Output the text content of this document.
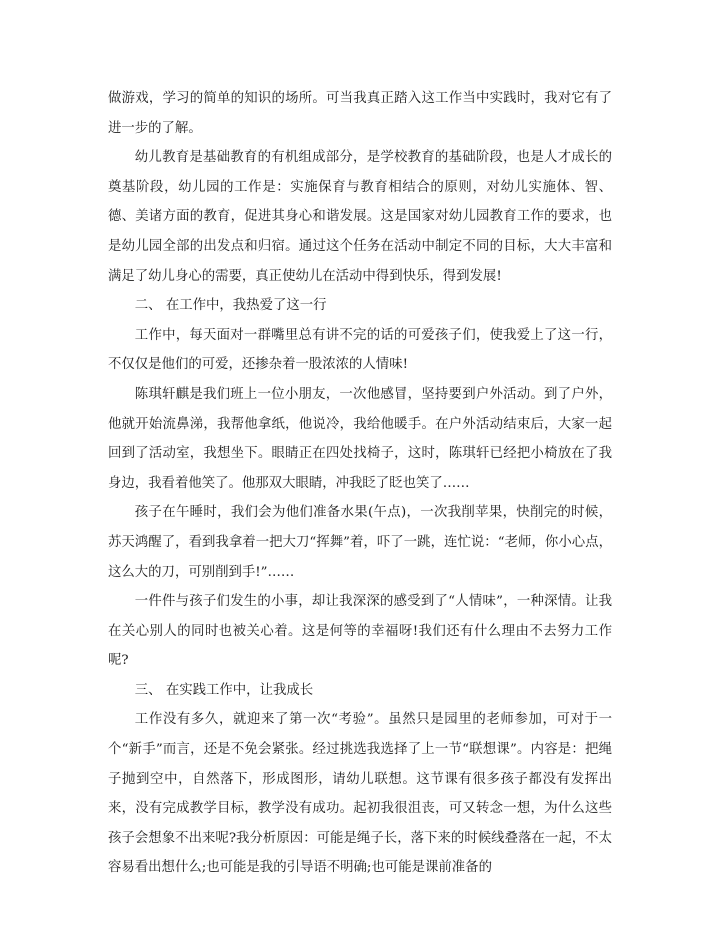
做游戏，学习的简单的知识的场所。可当我真正踏入这工作当中实践时，我对它有了进一步的了解。

幼儿教育是基础教育的有机组成部分，是学校教育的基础阶段，也是人才成长的奠基阶段，幼儿园的工作是：实施保育与教育相结合的原则，对幼儿实施体、智、德、美诸方面的教育，促进其身心和谐发展。这是国家对幼儿园教育工作的要求，也是幼儿园全部的出发点和归宿。通过这个任务在活动中制定不同的目标，大大丰富和满足了幼儿身心的需要，真正使幼儿在活动中得到快乐，得到发展!

二、 在工作中，我热爱了这一行

工作中，每天面对一群嘴里总有讲不完的话的可爱孩子们，使我爱上了这一行，不仅仅是他们的可爱，还掺杂着一股浓浓的人情味!

陈琪轩麒是我们班上一位小朋友，一次他感冒，坚持要到户外活动。到了户外，他就开始流鼻涕，我帮他拿纸，他说冷，我给他暖手。在户外活动结束后，大家一起回到了活动室，我想坐下。眼睛正在四处找椅子，这时，陈琪轩已经把小椅放在了我身边，我看着他笑了。他那双大眼睛，冲我眨了眨也笑了……

孩子在午睡时，我们会为他们准备水果(午点)，一次我削苹果，快削完的时候，苏天鸿醒了，看到我拿着一把大刀“挥舞”着，吓了一跳，连忙说：“老师，你小心点，这么大的刀，可别削到手!”……

一件件与孩子们发生的小事，却让我深深的感受到了“人情味”，一种深情。让我在关心别人的同时也被关心着。这是何等的幸福呀!我们还有什么理由不去努力工作呢?

三、 在实践工作中，让我成长

工作没有多久，就迎来了第一次“考验”。虽然只是园里的老师参加，可对于一个“新手”而言，还是不免会紧张。经过挑选我选择了上一节“联想课”。内容是：把绳子抛到空中，自然落下，形成图形，请幼儿联想。这节课有很多孩子都没有发挥出来，没有完成教学目标，教学没有成功。起初我很沮丧，可又转念一想，为什么这些孩子会想象不出来呢?我分析原因：可能是绳子长，落下来的时候线叠落在一起，不太容易看出想什么;也可能是我的引导语不明确;也可能是课前准备的
